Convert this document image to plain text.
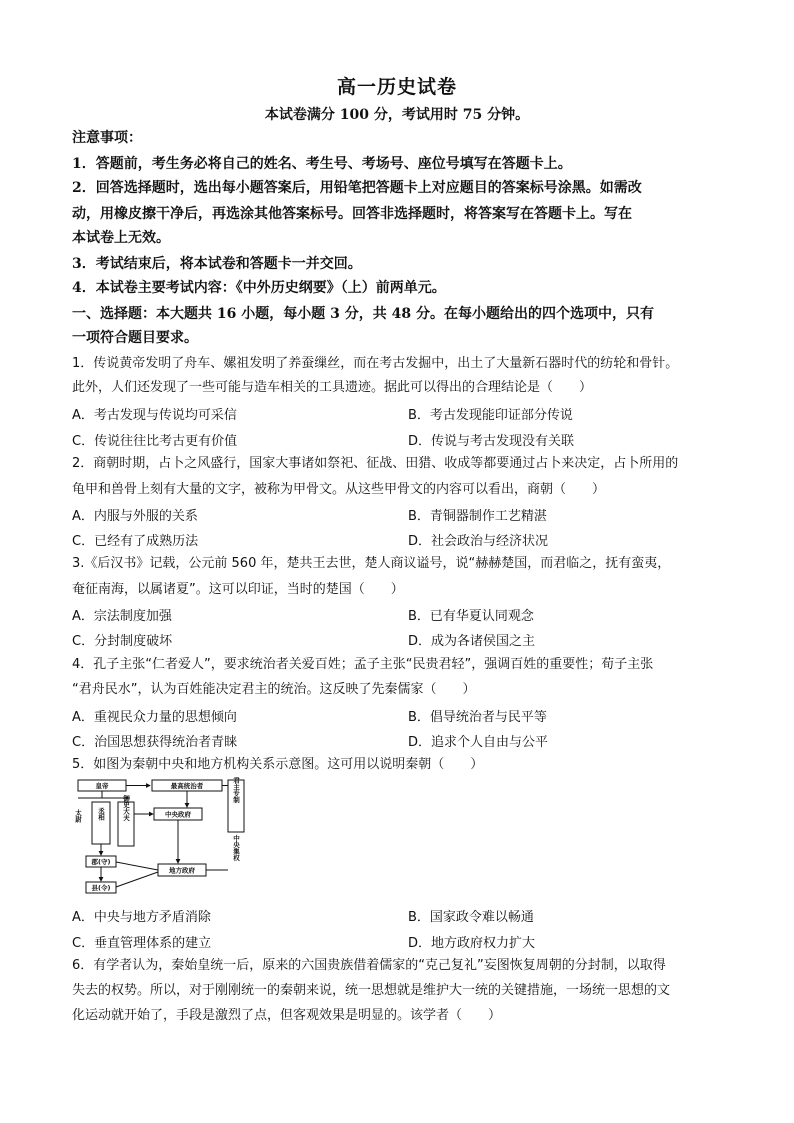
高一历史试卷
本试卷满分 100 分，考试用时 75 分钟。
注意事项：
1．答题前，考生务必将自己的姓名、考生号、考场号、座位号填写在答题卡上。
2．回答选择题时，选出每小题答案后，用铅笔把答题卡上对应题目的答案标号涂黑。如需改
动，用橡皮擦干净后，再选涂其他答案标号。回答非选择题时，将答案写在答题卡上。写在
本试卷上无效。
3．考试结束后，将本试卷和答题卡一并交回。
4．本试卷主要考试内容：《中外历史纲要》（上）前两单元。
一、选择题：本大题共 16 小题，每小题 3 分，共 48 分。在每小题给出的四个选项中，只有
一项符合题目要求。
1．传说黄帝发明了舟车、嫘祖发明了养蚕缫丝，而在考古发掘中，出土了大量新石器时代的纺轮和骨针。
此外，人们还发现了一些可能与造车相关的工具遗迹。据此可以得出的合理结论是（　　）
A．考古发现与传说均可采信	B．考古发现能印证部分传说
C．传说往往比考古更有价值	D．传说与考古发现没有关联
2．商朝时期，占卜之风盛行，国家大事诸如祭祀、征战、田猎、收成等都要通过占卜来决定，占卜所用的
龟甲和兽骨上刻有大量的文字，被称为甲骨文。从这些甲骨文的内容可以看出，商朝（　　）
A．内服与外服的关系	B．青铜器制作工艺精湛
C．已经有了成熟历法	D．社会政治与经济状况
3.《后汉书》记载，公元前 560 年，楚共王去世，楚人商议谥号，说“赫赫楚国，而君临之，抚有蛮夷，
奄征南海，以属诸夏”。这可以印证，当时的楚国（　　）
A．宗法制度加强	B．已有华夏认同观念
C．分封制度破坏	D．成为各诸侯国之主
4．孔子主张“仁者爱人”，要求统治者关爱百姓；孟子主张“民贵君轻”，强调百姓的重要性；荀子主张
“君舟民水”，认为百姓能决定君主的统治。这反映了先秦儒家（　　）
A．重视民众力量的思想倾向	B．倡导统治者与民平等
C．治国思想获得统治者青睐	D．追求个人自由与公平
5．如图为秦朝中央和地方机构关系示意图。这可用以说明秦朝（　　）
皇帝	最高统治者
太尉 丞相	御史大夫	中央政府
地方政府
郡(守)
县(令)
君主专制
中央集权
A．中央与地方矛盾消除	B．国家政令难以畅通
C．垂直管理体系的建立	D．地方政府权力扩大
6．有学者认为，秦始皇统一后，原来的六国贵族借着儒家的“克己复礼”妄图恢复周朝的分封制，以取得
失去的权势。所以，对于刚刚统一的秦朝来说，统一思想就是维护大一统的关键措施，一场统一思想的文
化运动就开始了，手段是激烈了点，但客观效果是明显的。该学者（　　）
